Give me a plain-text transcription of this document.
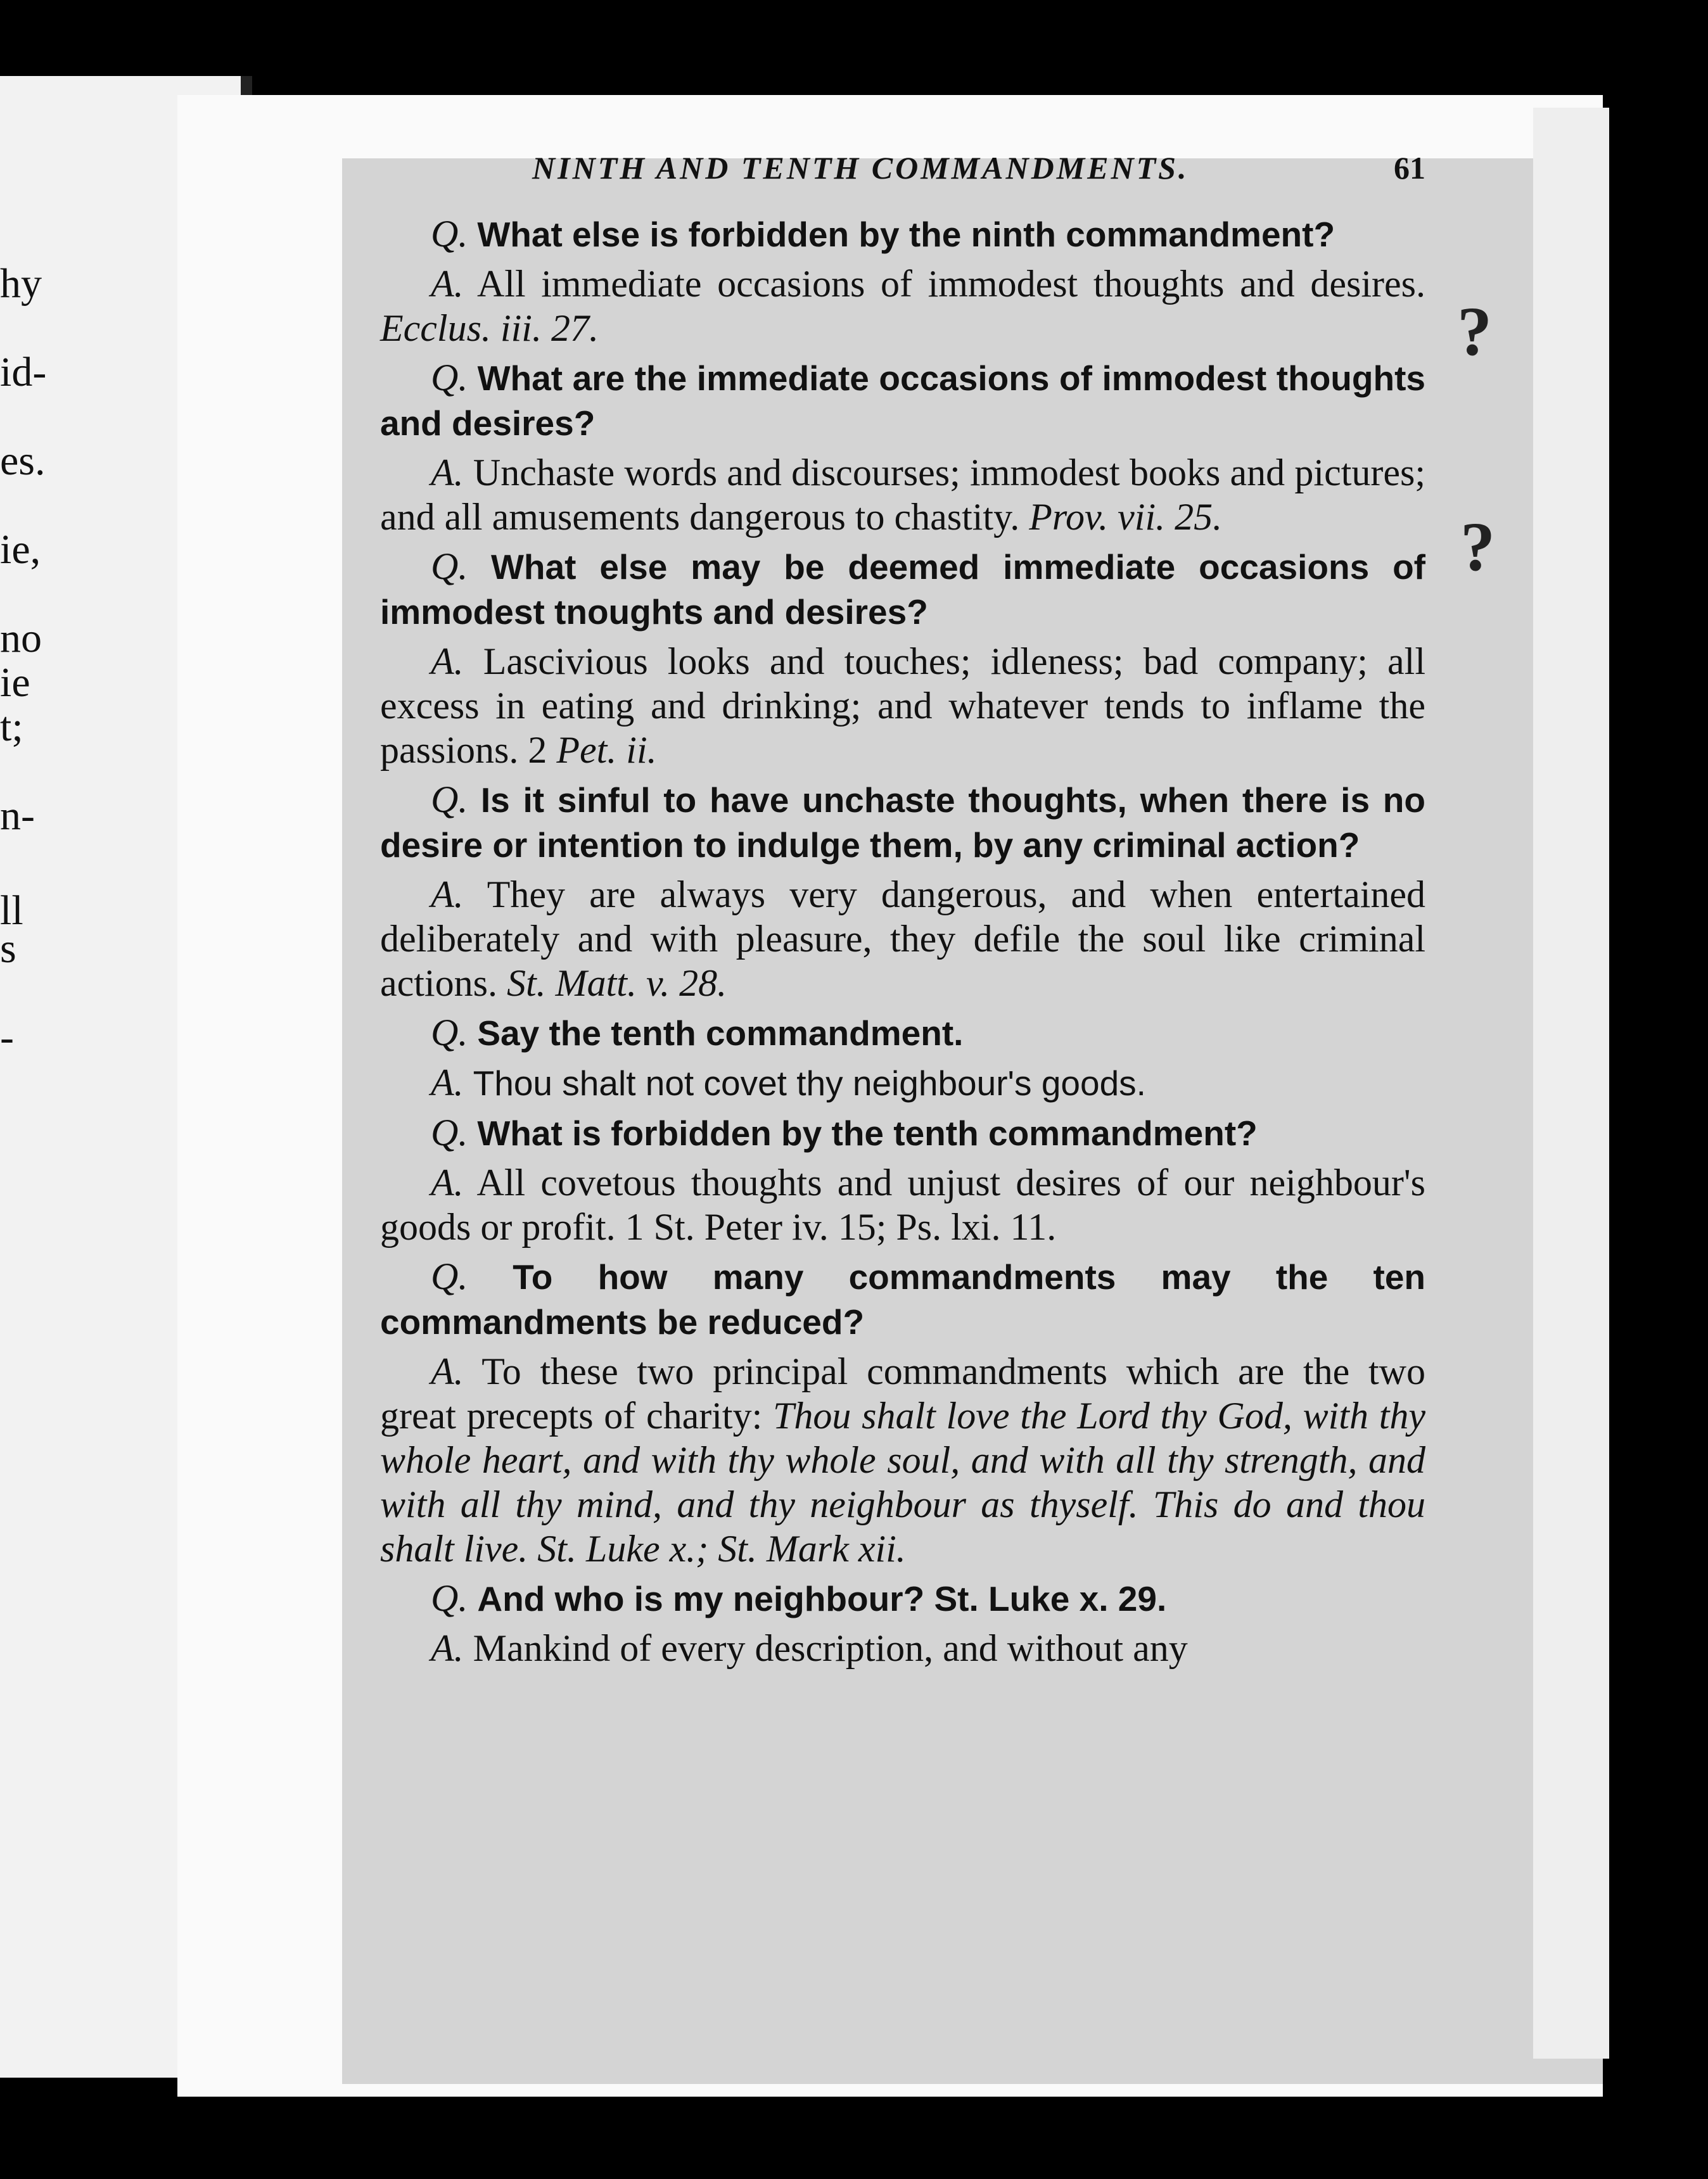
hy
id-
es.
ie,
no
ie
t;
n-
ll
s
-
?
?
NINTH AND TENTH COMMANDMENTS.	61

Q. What else is forbidden by the ninth commandment?

A. All immediate occasions of immodest thoughts and desires. Ecclus. iii. 27.

Q. What are the immediate occasions of immodest thoughts and desires?

A. Unchaste words and discourses; immodest books and pictures; and all amusements dangerous to chastity. Prov. vii. 25.

Q. What else may be deemed immediate occasions of immodest tnoughts and desires?

A. Lascivious looks and touches; idleness; bad company; all excess in eating and drinking; and whatever tends to inflame the passions. 2 Pet. ii.

Q. Is it sinful to have unchaste thoughts, when there is no desire or intention to indulge them, by any criminal action?

A. They are always very dangerous, and when entertained deliberately and with pleasure, they defile the soul like criminal actions. St. Matt. v. 28.

Q. Say the tenth commandment.

A. Thou shalt not covet thy neighbour's goods.

Q. What is forbidden by the tenth commandment?

A. All covetous thoughts and unjust desires of our neighbour's goods or profit. 1 St. Peter iv. 15; Ps. lxi. 11.

Q. To how many commandments may the ten commandments be reduced?

A. To these two principal commandments which are the two great precepts of charity: Thou shalt love the Lord thy God, with thy whole heart, and with thy whole soul, and with all thy strength, and with all thy mind, and thy neighbour as thyself. This do and thou shalt live. St. Luke x.; St. Mark xii.

Q. And who is my neighbour? St. Luke x. 29.

A. Mankind of every description, and without any
